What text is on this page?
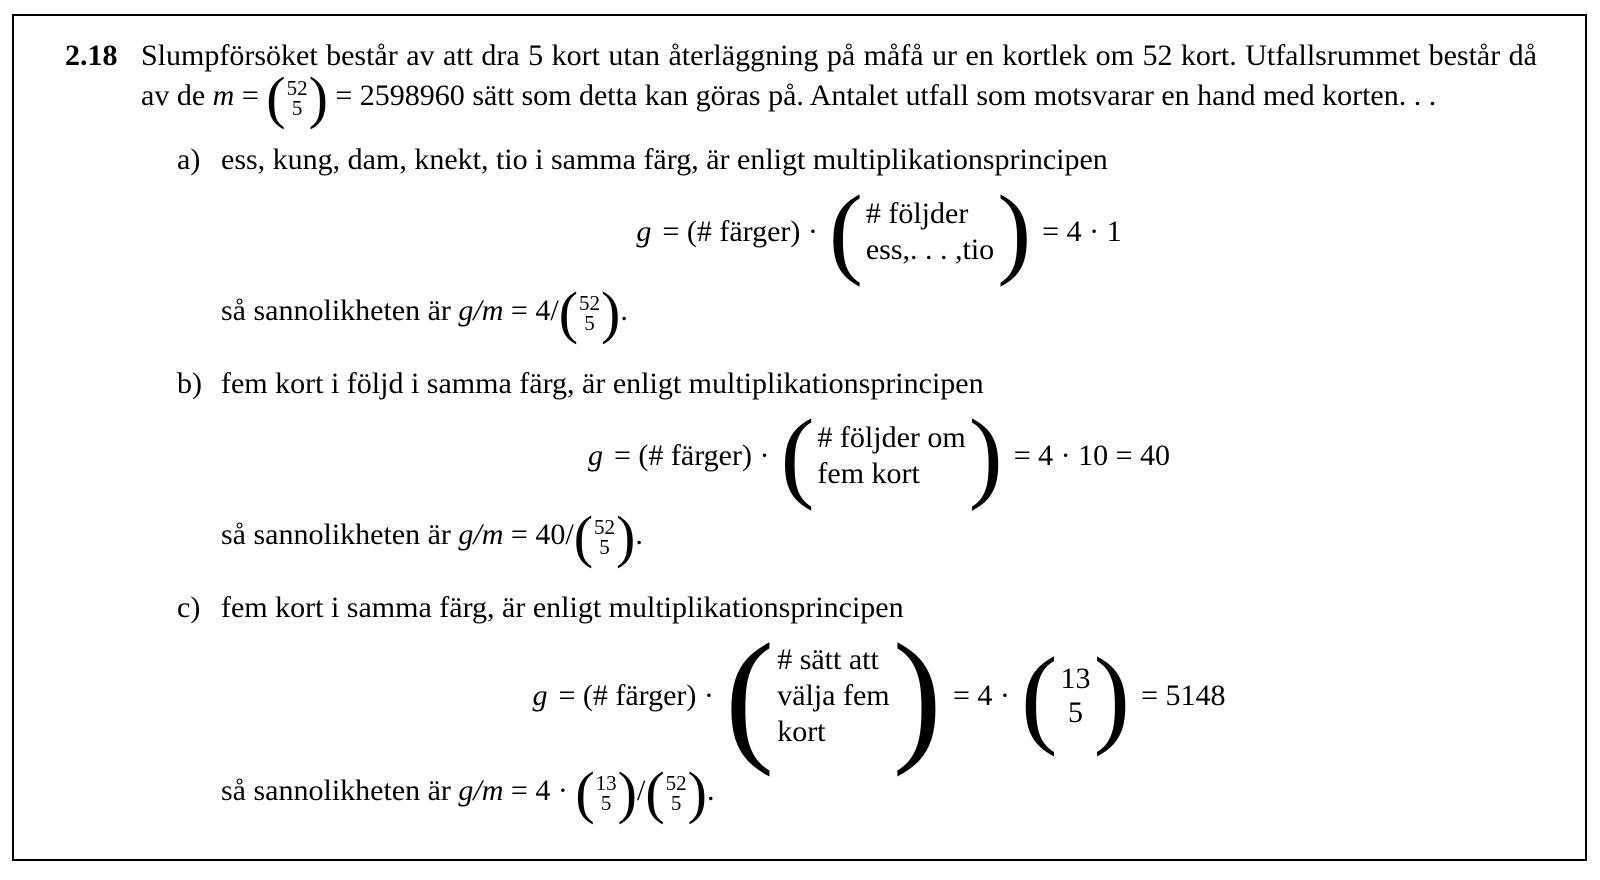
2.18 Slumpförsöket består av att dra 5 kort utan återläggning på måfå ur en kortlek om 52 kort. Utfallsrummet består då av de m = ( 52
5 ) = 2598960 sätt som detta kan göras på. Antalet utfall som motsvarar en hand med korten. . .
a) ess, kung, dam, knekt, tio i samma färg, är enligt multiplikationsprincipen
g = (# färger) · ( # följder
ess,. . . ,tio ) = 4 · 1
så sannolikheten är g/m = 4/ ( 52
5 ) .
b) fem kort i följd i samma färg, är enligt multiplikationsprincipen
g = (# färger) · ( # följder om
fem kort ) = 4 · 10 = 40
så sannolikheten är g/m = 40/ ( 52
5 ) .
c) fem kort i samma färg, är enligt multiplikationsprincipen
g = (# färger) · ( # sätt att
välja fem
kort ) = 4 · ( 13
5 ) = 5148
så sannolikheten är g/m = 4 · ( 13
5 ) / ( 52
5 ) .
